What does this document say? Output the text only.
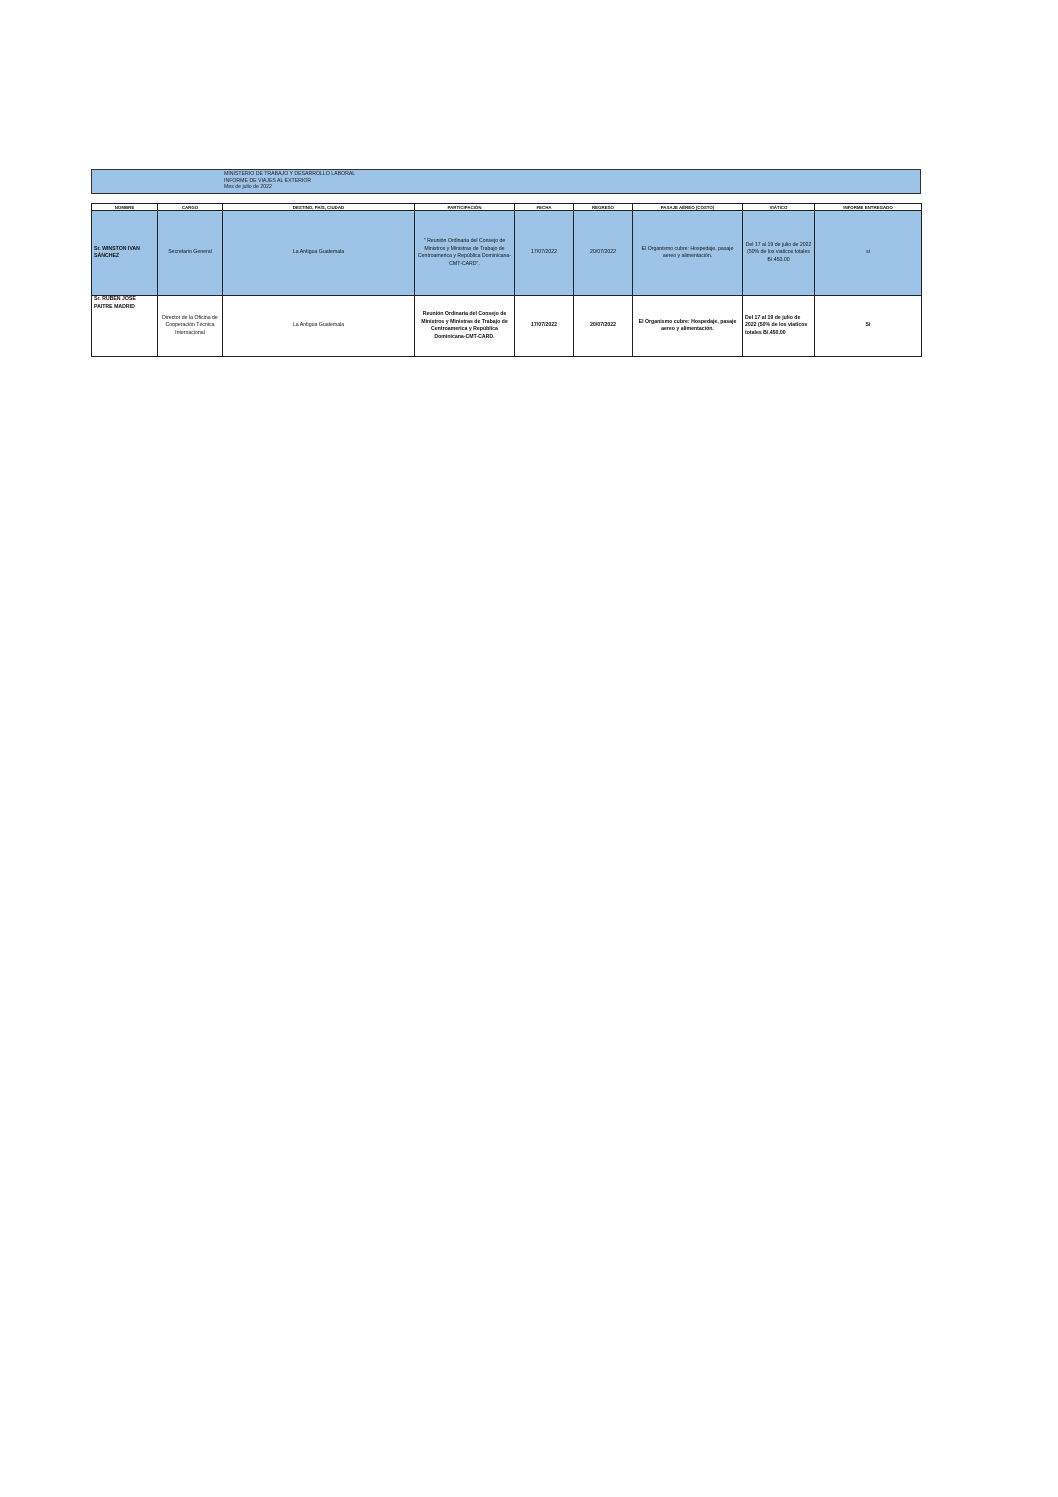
MINISTERIO DE TRABAJO Y DESARROLLO LABORAL
INFORME DE VIAJES AL EXTERIOR
Mes de julio de 2022
NOMBRE	CARGO	DESTINO, PAÍS, CIUDAD	PARTICIPACIÓN	FECHA	REGRESO	PASAJE AÉREO (COSTO)	VIÁTICO	INFORME ENTREGADO
Sr. WINSTON IVAN SÁNCHEZ	Secretario General	La Antigua Guatemala	" Reunión Ordinaria del Consejo de Ministros y Ministras de Trabajo de Centroamerica y República Dominicana-CMT-CARD".	17/07/2022	20/07/2022	El Organismo cubre: Hospedaje, pasaje aereo y alimentación.	Del 17 al 19 de julio de 2022 (50% de los viaticos totales B/.450.00	si
Sr. RUBEN JOSE PAITRE MADRID	Director de la Oficina de Cooperación Técnica Internacional	La Antigua Guatemala	Reunión Ordinaria del Consejo de Ministros y Ministras de Trabajo de Centroamerica y República Dominicana-CMT-CARD.	17/07/2022	20/07/2022	El Organismo cubre: Hospedaje, pasaje aereo y alimentación.	Del 17 al 19 de julio de 2022 (50% de los viaticos totales B/.450.00	Si
